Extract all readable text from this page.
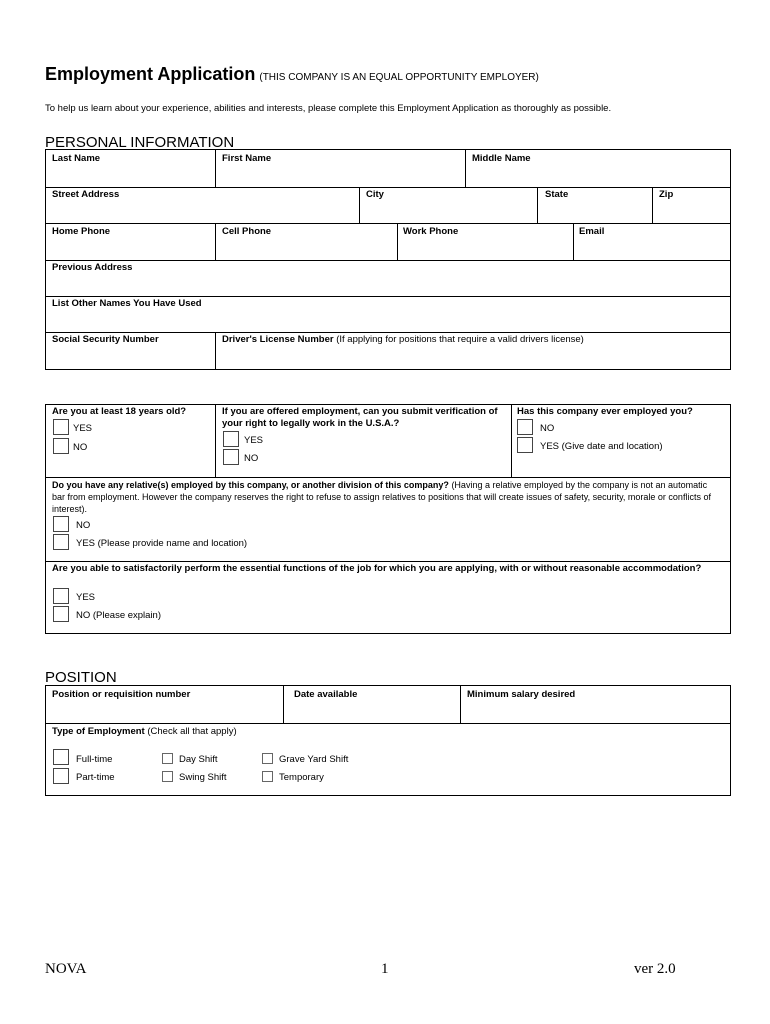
Employment Application (THIS COMPANY IS AN EQUAL OPPORTUNITY EMPLOYER)
To help us learn about your experience, abilities and interests, please complete this Employment Application as thoroughly as possible.
PERSONAL INFORMATION
Last Name	First Name	Middle Name
Street Address	City	State	Zip
Home Phone	Cell Phone	Work Phone	Email
Previous Address
List Other Names You Have Used
Social Security Number	Driver's License Number (If applying for positions that require a valid drivers license)
Are you at least 18 years old?
YES
NO
If you are offered employment, can you submit verification of your right to legally work in the U.S.A.?
YES
NO
Has this company ever employed you?
NO
YES (Give date and location)
Do you have any relative(s) employed by this company, or another division of this company? (Having a relative employed by the company is not an automatic bar from employment. However the company reserves the right to refuse to assign relatives to positions that will create issues of safety, security, morale or conflicts of interest).
NO
YES (Please provide name and location)
Are you able to satisfactorily perform the essential functions of the job for which you are applying, with or without reasonable accommodation?
YES
NO (Please explain)
POSITION
Position or requisition number	Date available	Minimum salary desired
Type of Employment (Check all that apply)
Full-time
Part-time
Day Shift
Swing Shift
Grave Yard Shift
Temporary
NOVA	1	ver 2.0
